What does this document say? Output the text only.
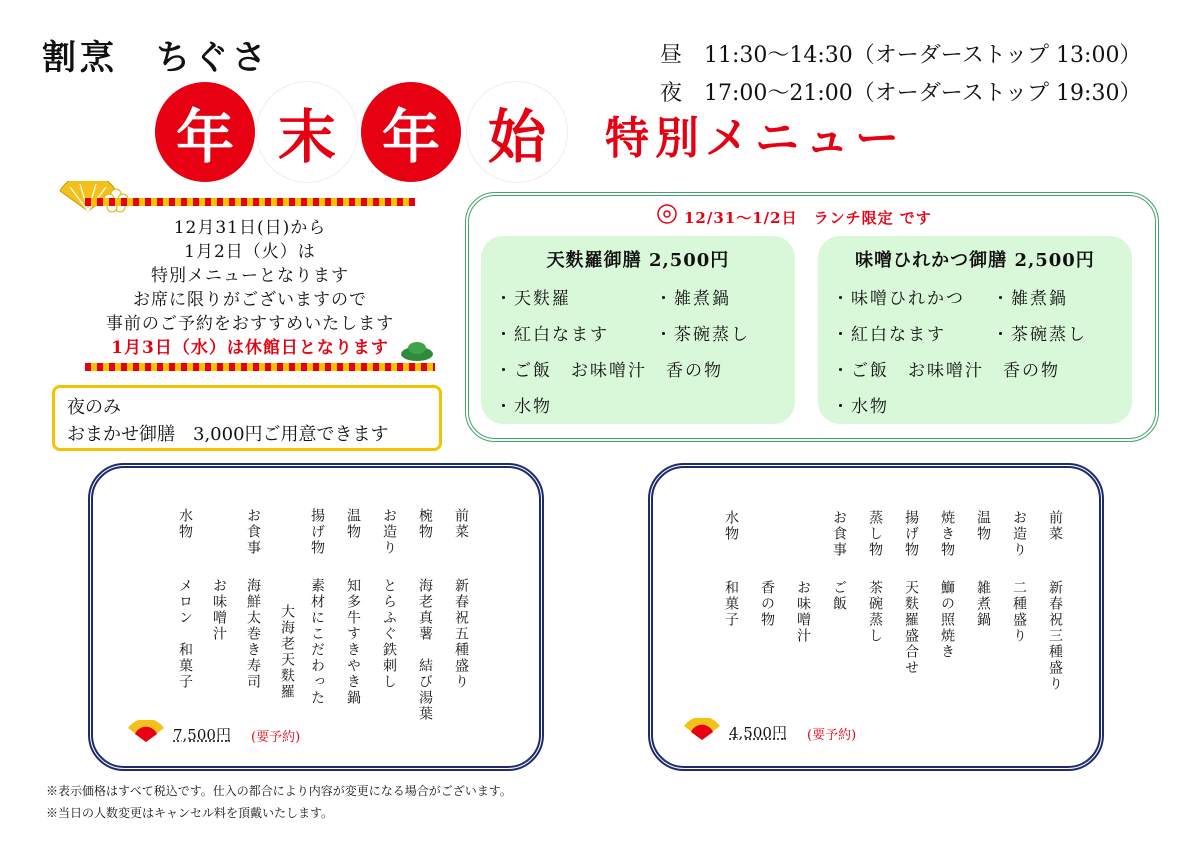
割烹　ちぐさ	昼　11:30〜14:30（オーダーストップ 13:00）
夜　17:00〜21:00（オーダーストップ 19:30）
年 末 年 始	特別メニュー
12月31日(日)から
1月2日（火）は
特別メニューとなります
お席に限りがございますので
事前のご予約をおすすめいたします
1月3日（水）は休館日となります
夜のみ
おまかせ御膳　3,000円ご用意できます
12/31〜1/2日　ランチ限定 です
天麩羅御膳 2,500円
・天麩羅	・雑煮鍋
・紅白なます	・茶碗蒸し
・ご飯　お味噌汁　香の物
・水物
味噌ひれかつ御膳 2,500円
・味噌ひれかつ ・雑煮鍋
・紅白なます	・茶碗蒸し
・ご飯　お味噌汁　香の物
・水物
前菜
新春祝五種盛り
椀物
海老真薯　結び湯葉
お造り
とらふぐ鉄刺し
温物
知多牛すきやき鍋
揚げ物
素材にこだわった
大海老天麩羅
お食事
海鮮太巻き寿司
お味噌汁
水物
メロン　和菓子
7,500円 (要予約)
前菜
新春祝三種盛り
お造り
二種盛り
温物
雑煮鍋
焼き物
鰤の照焼き
揚げ物
天麩羅盛合せ
蒸し物
茶碗蒸し
お食事
ご飯
お味噌汁
香の物
水物
和菓子
4,500円 (要予約)
※表示価格はすべて税込です。仕入の都合により内容が変更になる場合がございます。
※当日の人数変更はキャンセル料を頂戴いたします。
